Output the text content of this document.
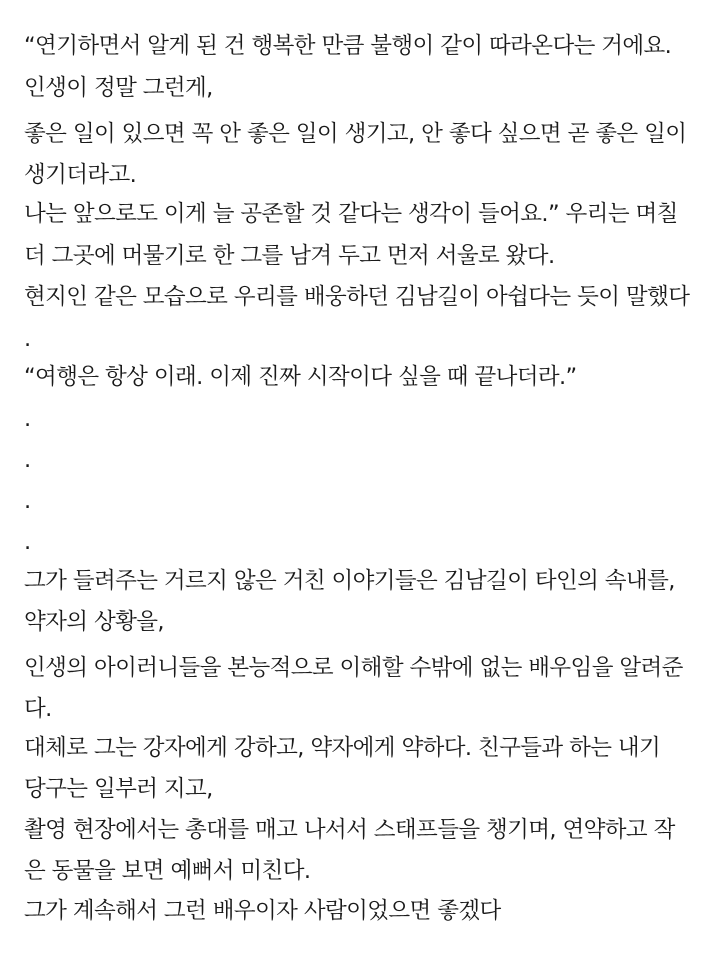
“연기하면서 알게 된 건 행복한 만큼 불행이 같이 따라온다는 거에요.
인생이 정말 그런게,
좋은 일이 있으면 꼭 안 좋은 일이 생기고, 안 좋다 싶으면 곧 좋은 일이
생기더라고.
나는 앞으로도 이게 늘 공존할 것 같다는 생각이 들어요.” 우리는 며칠
더 그곳에 머물기로 한 그를 남겨 두고 먼저 서울로 왔다.
현지인 같은 모습으로 우리를 배웅하던 김남길이 아쉽다는 듯이 말했다
.
“여행은 항상 이래. 이제 진짜 시작이다 싶을 때 끝나더라.”
.
.
.
.
그가 들려주는 거르지 않은 거친 이야기들은 김남길이 타인의 속내를,
약자의 상황을,
인생의 아이러니들을 본능적으로 이해할 수밖에 없는 배우임을 알려준
다.
대체로 그는 강자에게 강하고, 약자에게 약하다. 친구들과 하는 내기
당구는 일부러 지고,
촬영 현장에서는 총대를 매고 나서서 스태프들을 챙기며, 연약하고 작
은 동물을 보면 예뻐서 미친다.
그가 계속해서 그런 배우이자 사람이었으면 좋겠다
